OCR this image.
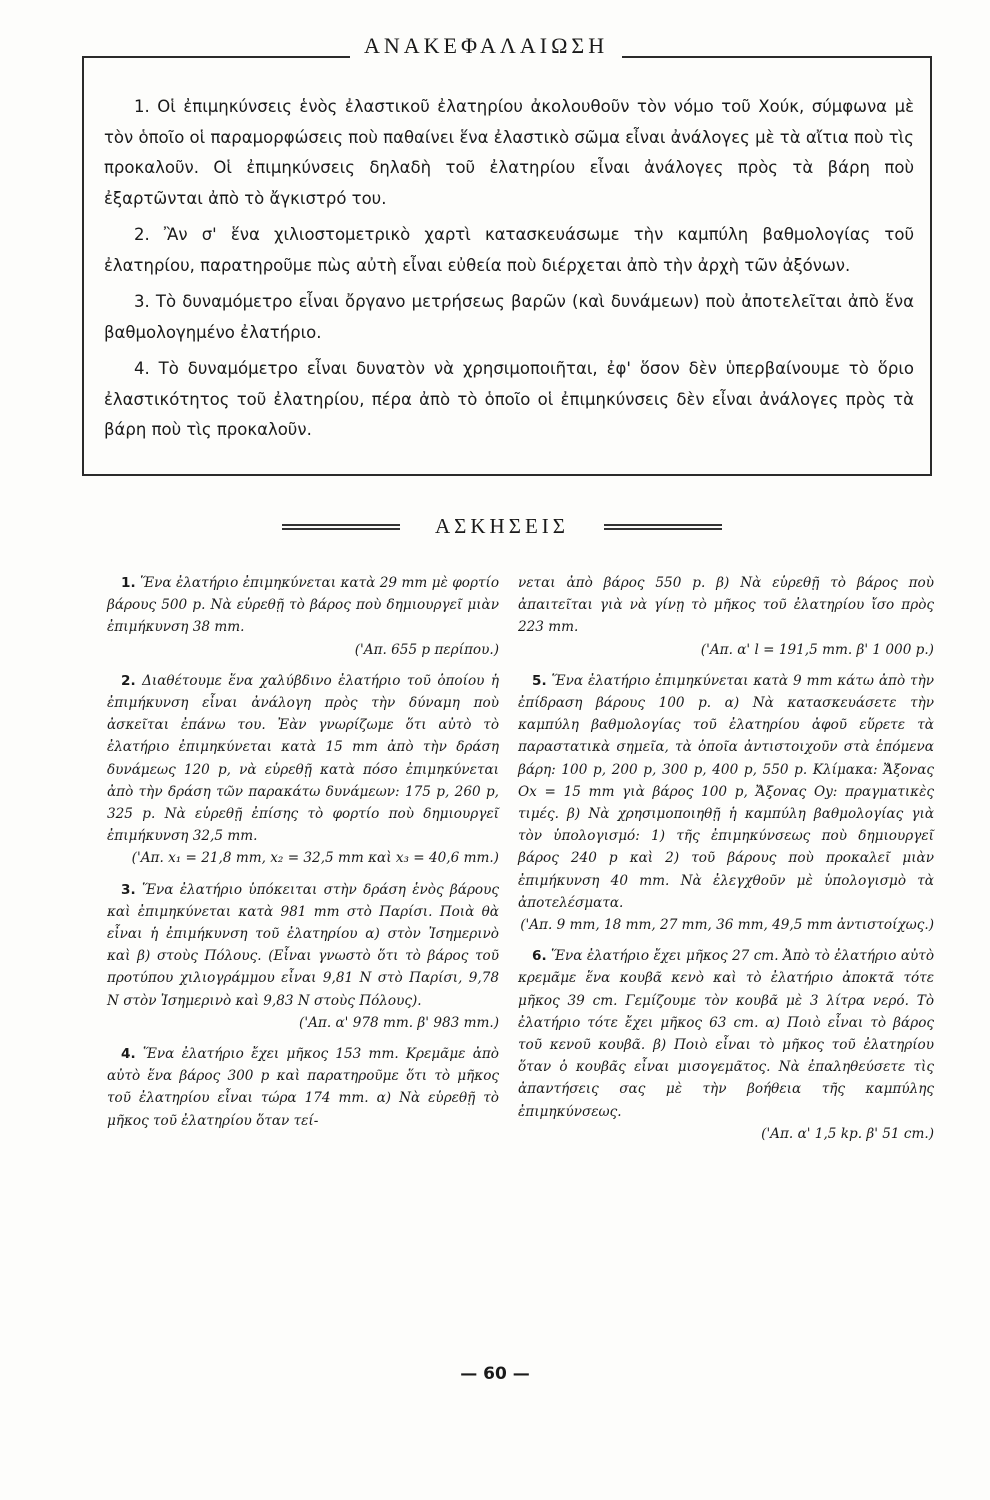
ΑΝΑΚΕΦΑΛΑΙΩΣΗ

1. Οἱ ἐπιμηκύνσεις ἑνὸς ἐλαστικοῦ ἐλατηρίου ἀκολουθοῦν τὸν νόμο τοῦ Χούκ, σύμφωνα μὲ τὸν ὁποῖο οἱ παραμορφώσεις ποὺ παθαίνει ἕνα ἐλαστικὸ σῶμα εἶναι ἀνάλογες μὲ τὰ αἴτια ποὺ τὶς προκαλοῦν. Οἱ ἐπιμηκύνσεις δηλαδὴ τοῦ ἐλατηρίου εἶναι ἀνάλογες πρὸς τὰ βάρη ποὺ ἐξαρτῶνται ἀπὸ τὸ ἄγκιστρό του.

2. Ἂν σ' ἕνα χιλιοστομετρικὸ χαρτὶ κατασκευάσωμε τὴν καμπύλη βαθμολογίας τοῦ ἐλατηρίου, παρατηροῦμε πὼς αὐτὴ εἶναι εὐθεία ποὺ διέρχεται ἀπὸ τὴν ἀρχὴ τῶν ἀξόνων.

3. Τὸ δυναμόμετρο εἶναι ὄργανο μετρήσεως βαρῶν (καὶ δυνάμεων) ποὺ ἀποτελεῖται ἀπὸ ἕνα βαθμολογημένο ἐλατήριο.

4. Τὸ δυναμόμετρο εἶναι δυνατὸν νὰ χρησιμοποιῆται, ἐφ' ὅσον δὲν ὑπερβαίνουμε τὸ ὅριο ἐλαστικότητος τοῦ ἐλατηρίου, πέρα ἀπὸ τὸ ὁποῖο οἱ ἐπιμηκύνσεις δὲν εἶναι ἀνάλογες πρὸς τὰ βάρη ποὺ τὶς προκαλοῦν.

ΑΣΚΗΣΕΙΣ

1. Ἕνα ἐλατήριο ἐπιμηκύνεται κατὰ 29 mm μὲ φορτίο βάρους 500 p. Νὰ εὑρεθῇ τὸ βάρος ποὺ δημιουργεῖ μιὰν ἐπιμήκυνση 38 mm.
('Απ. 655 p περίπου.)

2. Διαθέτουμε ἕνα χαλύβδινο ἐλατήριο τοῦ ὁποίου ἡ ἐπιμήκυνση εἶναι ἀνάλογη πρὸς τὴν δύναμη ποὺ ἀσκεῖται ἐπάνω του. Ἐὰν γνωρίζωμε ὅτι αὐτὸ τὸ ἐλατήριο ἐπιμηκύνεται κατὰ 15 mm ἀπὸ τὴν δράση δυνάμεως 120 p, νὰ εὑρεθῇ κατὰ πόσο ἐπιμηκύνεται ἀπὸ τὴν δράση τῶν παρακάτω δυνάμεων: 175 p, 260 p, 325 p. Νὰ εὑρεθῇ ἐπίσης τὸ φορτίο ποὺ δημιουργεῖ ἐπιμήκυνση 32,5 mm.
('Απ. x₁ = 21,8 mm, x₂ = 32,5 mm καὶ x₃ = 40,6 mm.)

3. Ἕνα ἐλατήριο ὑπόκειται στὴν δράση ἑνὸς βάρους καὶ ἐπιμηκύνεται κατὰ 981 mm στὸ Παρίσι. Ποιὰ θὰ εἶναι ἡ ἐπιμήκυνση τοῦ ἐλατηρίου α) στὸν Ἰσημερινὸ καὶ β) στοὺς Πόλους. (Εἶναι γνωστὸ ὅτι τὸ βάρος τοῦ προτύπου χιλιογράμμου εἶναι 9,81 N στὸ Παρίσι, 9,78 N στὸν Ἰσημερινὸ καὶ 9,83 N στοὺς Πόλους).
('Απ. α' 978 mm. β' 983 mm.)

4. Ἕνα ἐλατήριο ἔχει μῆκος 153 mm. Κρεμᾶμε ἀπὸ αὐτὸ ἕνα βάρος 300 p καὶ παρατηροῦμε ὅτι τὸ μῆκος τοῦ ἐλατηρίου εἶναι τώρα 174 mm. α) Νὰ εὑρεθῇ τὸ μῆκος τοῦ ἐλατηρίου ὅταν τεί-

νεται ἀπὸ βάρος 550 p. β) Νὰ εὑρεθῇ τὸ βάρος ποὺ ἀπαιτεῖται γιὰ νὰ γίνῃ τὸ μῆκος τοῦ ἐλατηρίου ἴσο πρὸς 223 mm.
('Απ. α' l = 191,5 mm. β' 1 000 p.)

5. Ἕνα ἐλατήριο ἐπιμηκύνεται κατὰ 9 mm κάτω ἀπὸ τὴν ἐπίδραση βάρους 100 p. α) Νὰ κατασκευάσετε τὴν καμπύλη βαθμολογίας τοῦ ἐλατηρίου ἀφοῦ εὕρετε τὰ παραστατικὰ σημεῖα, τὰ ὁποῖα ἀντιστοιχοῦν στὰ ἑπόμενα βάρη: 100 p, 200 p, 300 p, 400 p, 550 p. Κλίμακα: Ἄξονας Ox = 15 mm γιὰ βάρος 100 p, Ἄξονας Oy: πραγματικὲς τιμές. β) Νὰ χρησιμοποιηθῇ ἡ καμπύλη βαθμολογίας γιὰ τὸν ὑπολογισμό: 1) τῆς ἐπιμηκύνσεως ποὺ δημιουργεῖ βάρος 240 p καὶ 2) τοῦ βάρους ποὺ προκαλεῖ μιὰν ἐπιμήκυνση 40 mm. Νὰ ἐλεγχθοῦν μὲ ὑπολογισμὸ τὰ ἀποτελέσματα.
('Απ. 9 mm, 18 mm, 27 mm, 36 mm, 49,5 mm ἀντιστοίχως.)

6. Ἕνα ἐλατήριο ἔχει μῆκος 27 cm. Ἀπὸ τὸ ἐλατήριο αὐτὸ κρεμᾶμε ἕνα κουβᾶ κενὸ καὶ τὸ ἐλατήριο ἀποκτᾶ τότε μῆκος 39 cm. Γεμίζουμε τὸν κουβᾶ μὲ 3 λίτρα νερό. Τὸ ἐλατήριο τότε ἔχει μῆκος 63 cm. α) Ποιὸ εἶναι τὸ βάρος τοῦ κενοῦ κουβᾶ. β) Ποιὸ εἶναι τὸ μῆκος τοῦ ἐλατηρίου ὅταν ὁ κουβᾶς εἶναι μισογεμᾶτος. Νὰ ἐπαληθεύσετε τὶς ἀπαντήσεις σας μὲ τὴν βοήθεια τῆς καμπύλης ἐπιμηκύνσεως.
('Απ. α' 1,5 kp. β' 51 cm.)

— 60 —
